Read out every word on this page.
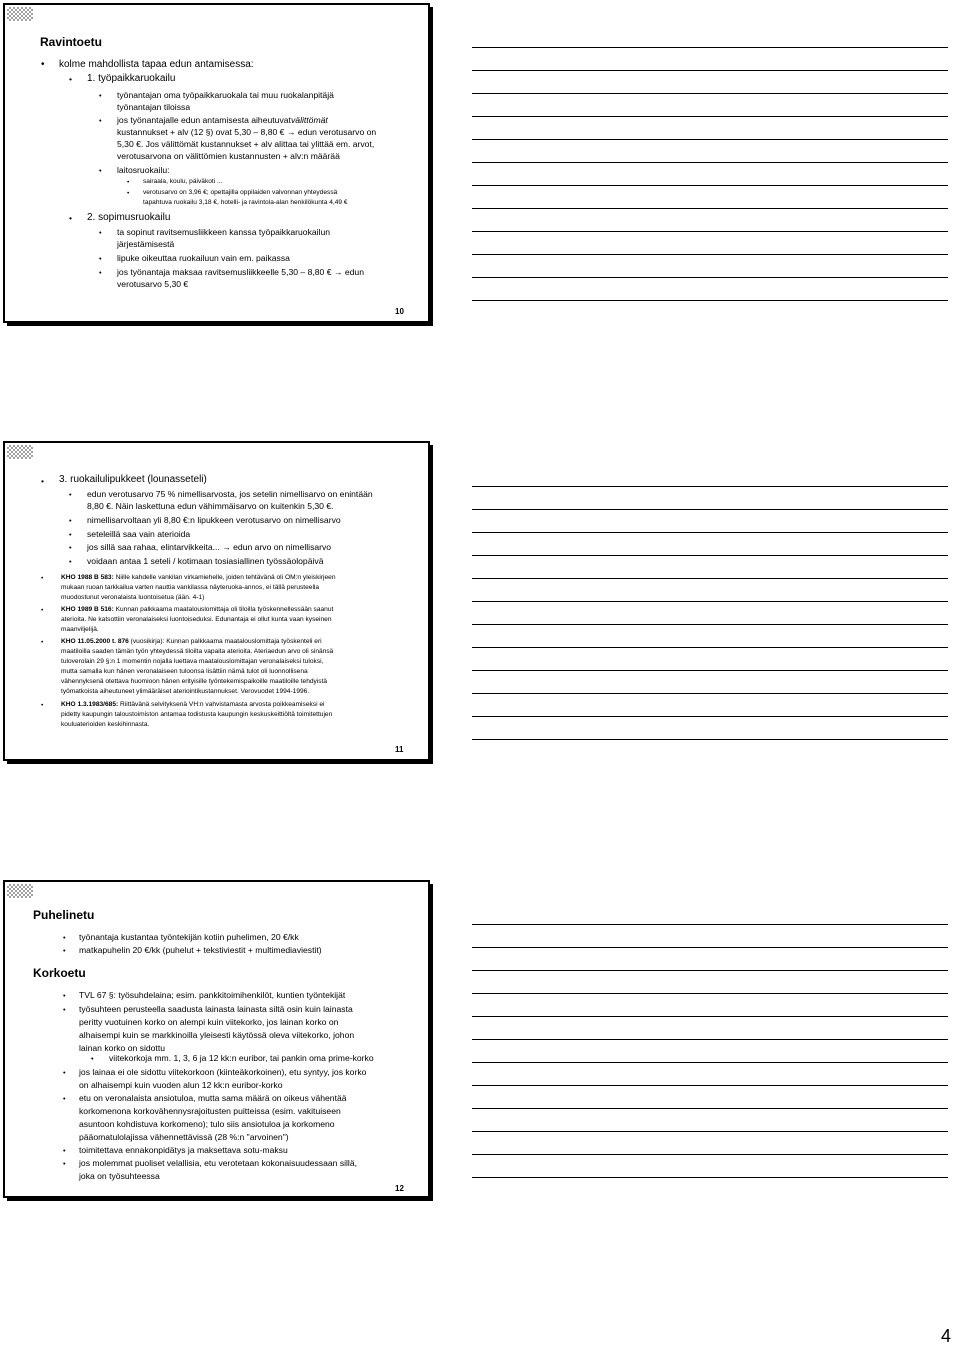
Ravintoetu
• kolme mahdollista tapaa edun antamisessa:
• 1. työpaikkaruokailu
• työnantajan oma työpaikkaruokala tai muu ruokalanpitäjä
työnantajan tiloissa
• jos työnantajalle edun antamisesta aiheutuvat välittömät
kustannukset + alv (12 §) ovat 5,30 – 8,80 € → edun verotusarvo on
5,30 €. Jos välittömät kustannukset + alv alittaa tai ylittää em. arvot,
verotusarvona on välittömien kustannusten + alv:n määrää
• laitosruokailu:
• sairaala, koulu, päiväkoti ...
• verotusarvo on 3,96 €; opettajilla oppilaiden valvonnan yhteydessä
tapahtuva ruokailu 3,18 €, hotelli- ja ravintola-alan henkilökunta 4,49 €
• 2. sopimusruokailu
• ta sopinut ravitsemusliikkeen kanssa työpaikkaruokailun
järjestämisestä
• lipuke oikeuttaa ruokailuun vain em. paikassa
• jos työnantaja maksaa ravitsemusliikkeelle 5,30 – 8,80 € → edun
verotusarvo 5,30 €
10
• 3. ruokailulipukkeet (lounasseteli)
• edun verotusarvo 75 % nimellisarvosta, jos setelin nimellisarvo on enintään
8,80 €. Näin laskettuna edun vähimmäisarvo on kuitenkin 5,30 €.
• nimellisarvoltaan yli 8,80 €:n lipukkeen verotusarvo on nimellisarvo
• seteleillä saa vain aterioida
• jos sillä saa rahaa, elintarvikkeita... → edun arvo on nimellisarvo
• voidaan antaa 1 seteli / kotimaan tosiasiallinen työssäolopäivä
•	KHO 1988 B 583: Niille kahdelle vankilan virkamiehelle, joiden tehtävänä oli OM:n yleiskirjeen
mukaan ruoan tarkkailua varten nauttia vankilassa näyteruoka-annos, ei tällä perusteella
muodostunut veronalaista luontoisetua (ään. 4-1)
•	KHO 1989 B 516: Kunnan palkkaama maatalouslomittaja oli tiloilla työskennellessään saanut
aterioita. Ne katsottiin veronalaiseksi luontoiseduksi. Edunantaja ei ollut kunta vaan kyseinen
maanviljelijä.
•	KHO 11.05.2000 t. 876 (vuosikirja): Kunnan palkkaama maatalouslomittaja työskenteli eri
maatiloilla saaden tämän työn yhteydessä tiloilta vapaita aterioita. Ateriaedun arvo oli sinänsä
tuloverolain 29 §:n 1 momentin nojalla luettava maatalouslomittajan veronalaiseksi tuloksi,
mutta samalla kun hänen veronalaiseen tuloonsa lisättiin nämä tulot oli luonnollisena
vähennyksenä otettava huomioon hänen erityisille työntekemispaikoille maatiloille tehdyistä
työmatkoista aiheutuneet ylimääräiset ateriointikustannukset. Verovuodet 1994-1996.
•	KHO 1.3.1983/685: Riittävänä selvityksenä VH:n vahvistamasta arvosta poikkeamiseksi ei
pidetty kaupungin taloustoimiston antamaa todistusta kaupungin keskuskeittiöltä toimitettujen
kouluaterioiden keskihinnasta.
11
Puhelinetu
• työnantaja kustantaa työntekijän kotiin puhelimen, 20 €/kk
• matkapuhelin 20 €/kk (puhelut + tekstiviestit + multimediaviestit)
Korkoetu
• TVL 67 §: työsuhdelaina; esim. pankkitoimihenkilöt, kuntien työntekijät
• työsuhteen perusteella saadusta lainasta lainasta siltä osin kuin lainasta
peritty vuotuinen korko on alempi kuin viitekorko, jos lainan korko on
alhaisempi kuin se markkinoilla yleisesti käytössä oleva viitekorko, johon
lainan korko on sidottu
• viitekorkoja mm. 1, 3, 6 ja 12 kk:n euribor, tai pankin oma prime-korko
• jos lainaa ei ole sidottu viitekorkoon (kiinteäkorkoinen), etu syntyy, jos korko
on alhaisempi kuin vuoden alun 12 kk:n euribor-korko
• etu on veronalaista ansiotuloa, mutta sama määrä on oikeus vähentää
korkomenona korkovähennysrajoitusten puitteissa (esim. vakituiseen
asuntoon kohdistuva korkomeno); tulo siis ansiotuloa ja korkomeno
pääomatulolajissa vähennettävissä (28 %:n "arvoinen")
• toimitettava ennakonpidätys ja maksettava sotu-maksu
• jos molemmat puoliset velallisia, etu verotetaan kokonaisuudessaan sillä,
joka on työsuhteessa
12
4
